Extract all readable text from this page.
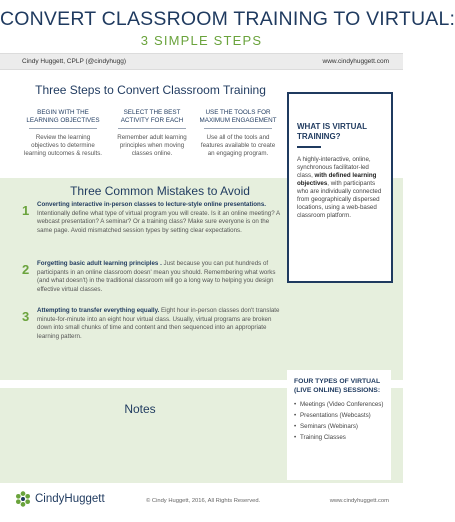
CONVERT CLASSROOM TRAINING TO VIRTUAL:
3 SIMPLE STEPS
Cindy Huggett, CPLP (@cindyhugg)	www.cindyhuggett.com
Three Steps to Convert Classroom Training
BEGIN WITH THE LEARNING OBJECTIVES
Review the learning objectives to determine learning outcomes & results.
SELECT THE BEST ACTIVITY FOR EACH
Remember adult learning principles when moving classes online.
USE THE TOOLS FOR MAXIMUM ENGAGEMENT
Use all of the tools and features available to create an engaging program.
WHAT IS VIRTUAL TRAINING?
A highly-interactive, online, synchronous facilitator-led class, with defined learning objectives, with participants who are individually connected from geographically dispersed locations, using a web-based classroom platform.
Three Common Mistakes to Avoid
1 Converting interactive in-person classes to lecture-style online presentations. Intentionally define what type of virtual program you will create. Is it an online meeting? A webcast presentation? A seminar? Or a training class? Make sure everyone is on the same page. Avoid mismatched session types by setting clear expectations.
2 Forgetting basic adult learning principles . Just because you can put hundreds of participants in an online classroom doesn' mean you should. Remembering what works (and what doesn't) in the traditional classroom will go a long way to helping you design effective virtual classes.
3 Attempting to transfer everything equally. Eight hour in-person classes don't translate minute-for-minute into an eight hour virtual class. Usually, virtual programs are broken down into small chunks of time and content and then sequenced into an appropriate learning pattern.
Notes
FOUR TYPES OF VIRTUAL (LIVE ONLINE) SESSIONS:
• Meetings (Video Conferences)
• Presentations (Webcasts)
• Seminars (Webinars)
• Training Classes
CindyHuggett	© Cindy Huggett, 2016, All Rights Reserved.	www.cindyhuggett.com
